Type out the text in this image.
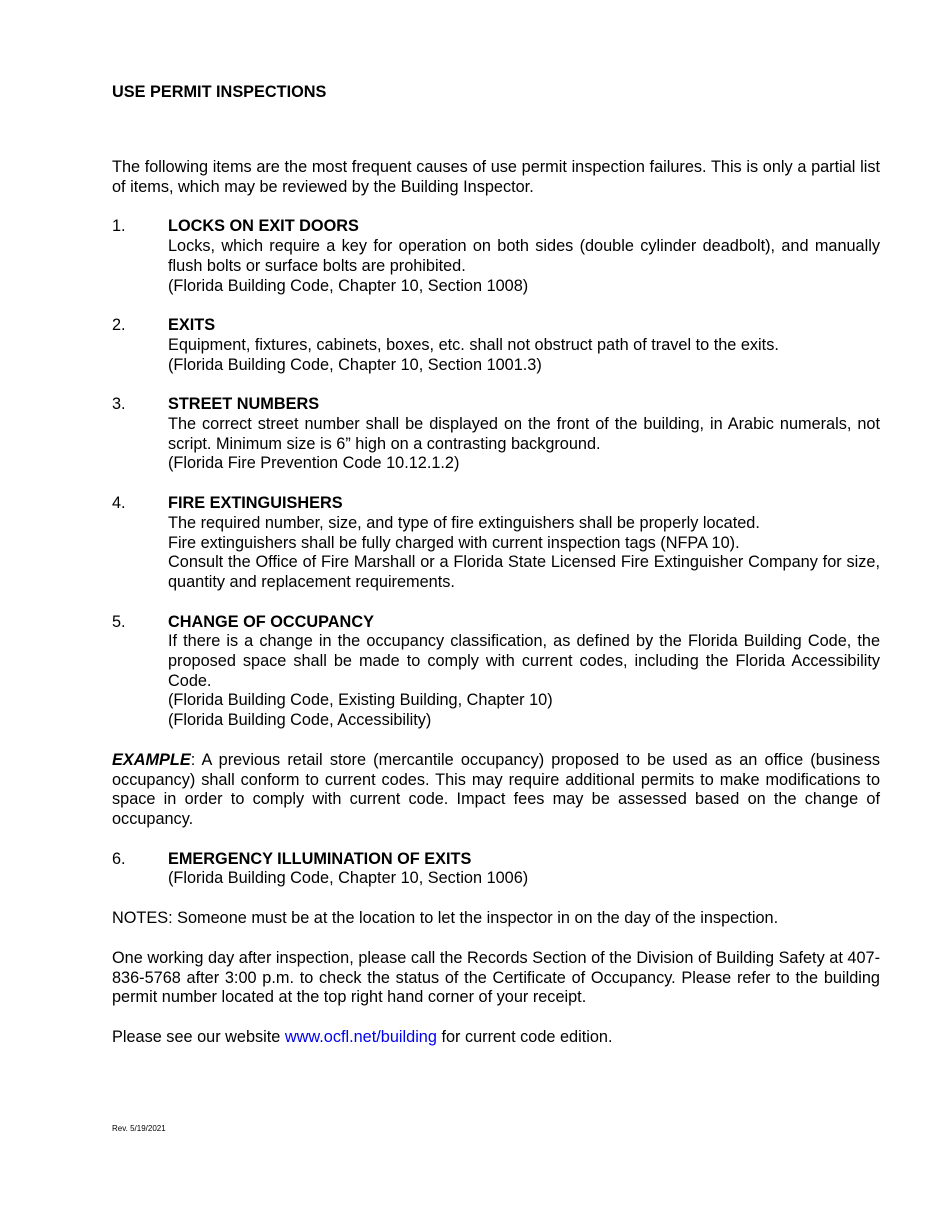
USE PERMIT INSPECTIONS

The following items are the most frequent causes of use permit inspection failures. This is only a partial list of items, which may be reviewed by the Building Inspector.

1.	LOCKS ON EXIT DOORS
Locks, which require a key for operation on both sides (double cylinder deadbolt), and manually flush bolts or surface bolts are prohibited.
(Florida Building Code, Chapter 10, Section 1008)
2.	EXITS
Equipment, fixtures, cabinets, boxes, etc. shall not obstruct path of travel to the exits.
(Florida Building Code, Chapter 10, Section 1001.3)
3.	STREET NUMBERS
The correct street number shall be displayed on the front of the building, in Arabic numerals, not script. Minimum size is 6” high on a contrasting background.
(Florida Fire Prevention Code 10.12.1.2)
4.	FIRE EXTINGUISHERS
The required number, size, and type of fire extinguishers shall be properly located.
Fire extinguishers shall be fully charged with current inspection tags (NFPA 10).
Consult the Office of Fire Marshall or a Florida State Licensed Fire Extinguisher Company for size, quantity and replacement requirements.
5.	CHANGE OF OCCUPANCY
If there is a change in the occupancy classification, as defined by the Florida Building Code, the proposed space shall be made to comply with current codes, including the Florida Accessibility Code.
(Florida Building Code, Existing Building, Chapter 10)
(Florida Building Code, Accessibility)

EXAMPLE: A previous retail store (mercantile occupancy) proposed to be used as an office (business occupancy) shall conform to current codes. This may require additional permits to make modifications to space in order to comply with current code. Impact fees may be assessed based on the change of occupancy.

6.	EMERGENCY ILLUMINATION OF EXITS
(Florida Building Code, Chapter 10, Section 1006)

NOTES: Someone must be at the location to let the inspector in on the day of the inspection.

One working day after inspection, please call the Records Section of the Division of Building Safety at 407-836-5768 after 3:00 p.m. to check the status of the Certificate of Occupancy. Please refer to the building permit number located at the top right hand corner of your receipt.

Please see our website www.ocfl.net/building for current code edition.

Rev. 5/19/2021
